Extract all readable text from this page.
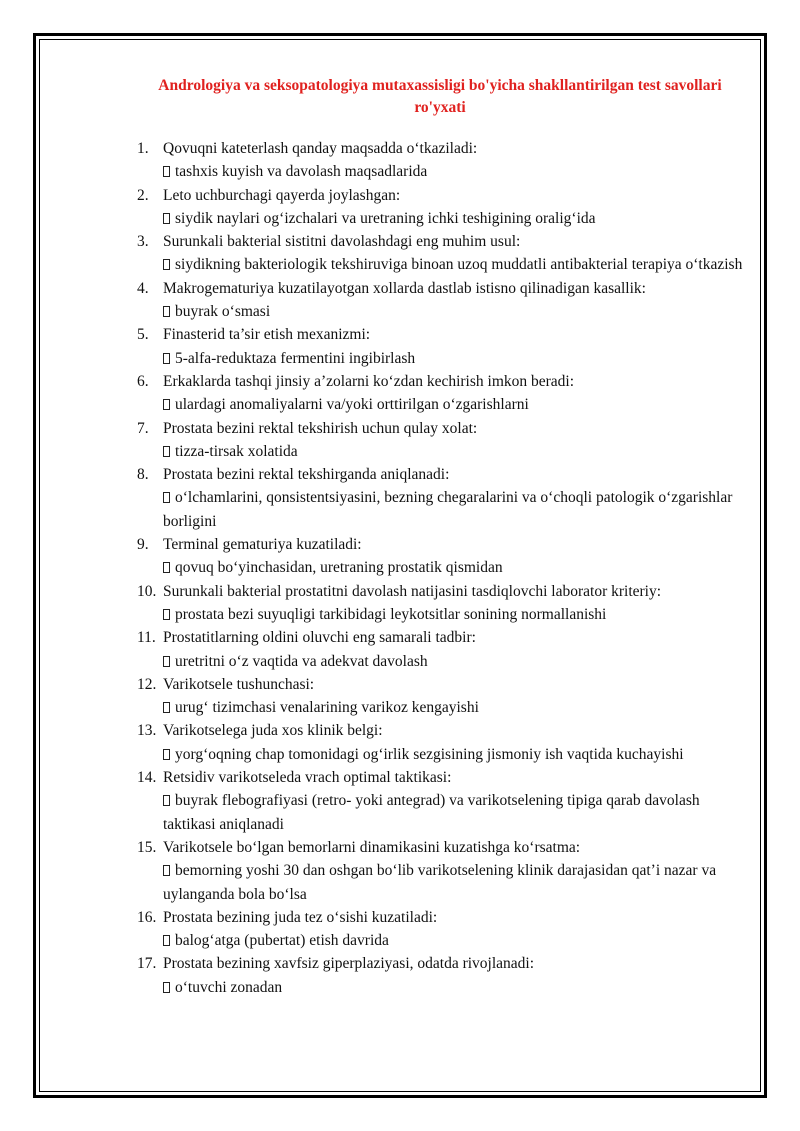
Andrologiya va seksopatologiya mutaxassisligi bo'yicha shakllantirilgan test savollari ro'yxati
1. Qovuqni kateterlash qanday maqsadda oʻtkaziladi:
tashxis kuyish va davolash maqsadlarida
2. Leto uchburchagi qayerda joylashgan:
siydik naylari ogʻizchalari va uretraning ichki teshigining oraligʻida
3. Surunkali bakterial sistitni davolashdagi eng muhim usul:
siydikning bakteriologik tekshiruviga binoan uzoq muddatli antibakterial terapiya oʻtkazish
4. Makrogematuriya kuzatilayotgan xollarda dastlab istisno qilinadigan kasallik:
buyrak oʻsmasi
5. Finasterid ta’sir etish mexanizmi:
5-alfa-reduktaza fermentini ingibirlash
6. Erkaklarda tashqi jinsiy a’zolarni koʻzdan kechirish imkon beradi:
ulardagi anomaliyalarni va/yoki orttirilgan oʻzgarishlarni
7. Prostata bezini rektal tekshirish uchun qulay xolat:
tizza-tirsak xolatida
8. Prostata bezini rektal tekshirganda aniqlanadi:
oʻlchamlarini, qonsistentsiyasini, bezning chegaralarini va oʻchoqli patologik oʻzgarishlar borligini
9. Terminal gematuriya kuzatiladi:
qovuq boʻyinchasidan, uretraning prostatik qismidan
10. Surunkali bakterial prostatitni davolash natijasini tasdiqlovchi laborator kriteriy:
prostata bezi suyuqligi tarkibidagi leykotsitlar sonining normallanishi
11. Prostatitlarning oldini oluvchi eng samarali tadbir:
uretritni oʻz vaqtida va adekvat davolash
12. Varikotsele tushunchasi:
urugʻ tizimchasi venalarining varikoz kengayishi
13. Varikotselega juda xos klinik belgi:
yorgʻoqning chap tomonidagi ogʻirlik sezgisining jismoniy ish vaqtida kuchayishi
14. Retsidiv varikotseleda vrach optimal taktikasi:
buyrak flebografiyasi (retro- yoki antegrad) va varikotselening tipiga qarab davolash taktikasi aniqlanadi
15. Varikotsele boʻlgan bemorlarni dinamikasini kuzatishga koʻrsatma:
bemorning yoshi 30 dan oshgan boʻlib varikotselening klinik darajasidan qat’i nazar va uylanganda bola boʻlsa
16. Prostata bezining juda tez oʻsishi kuzatiladi:
balogʻatga (pubertat) etish davrida
17. Prostata bezining xavfsiz giperplaziyasi, odatda rivojlanadi:
oʻtuvchi zonadan
